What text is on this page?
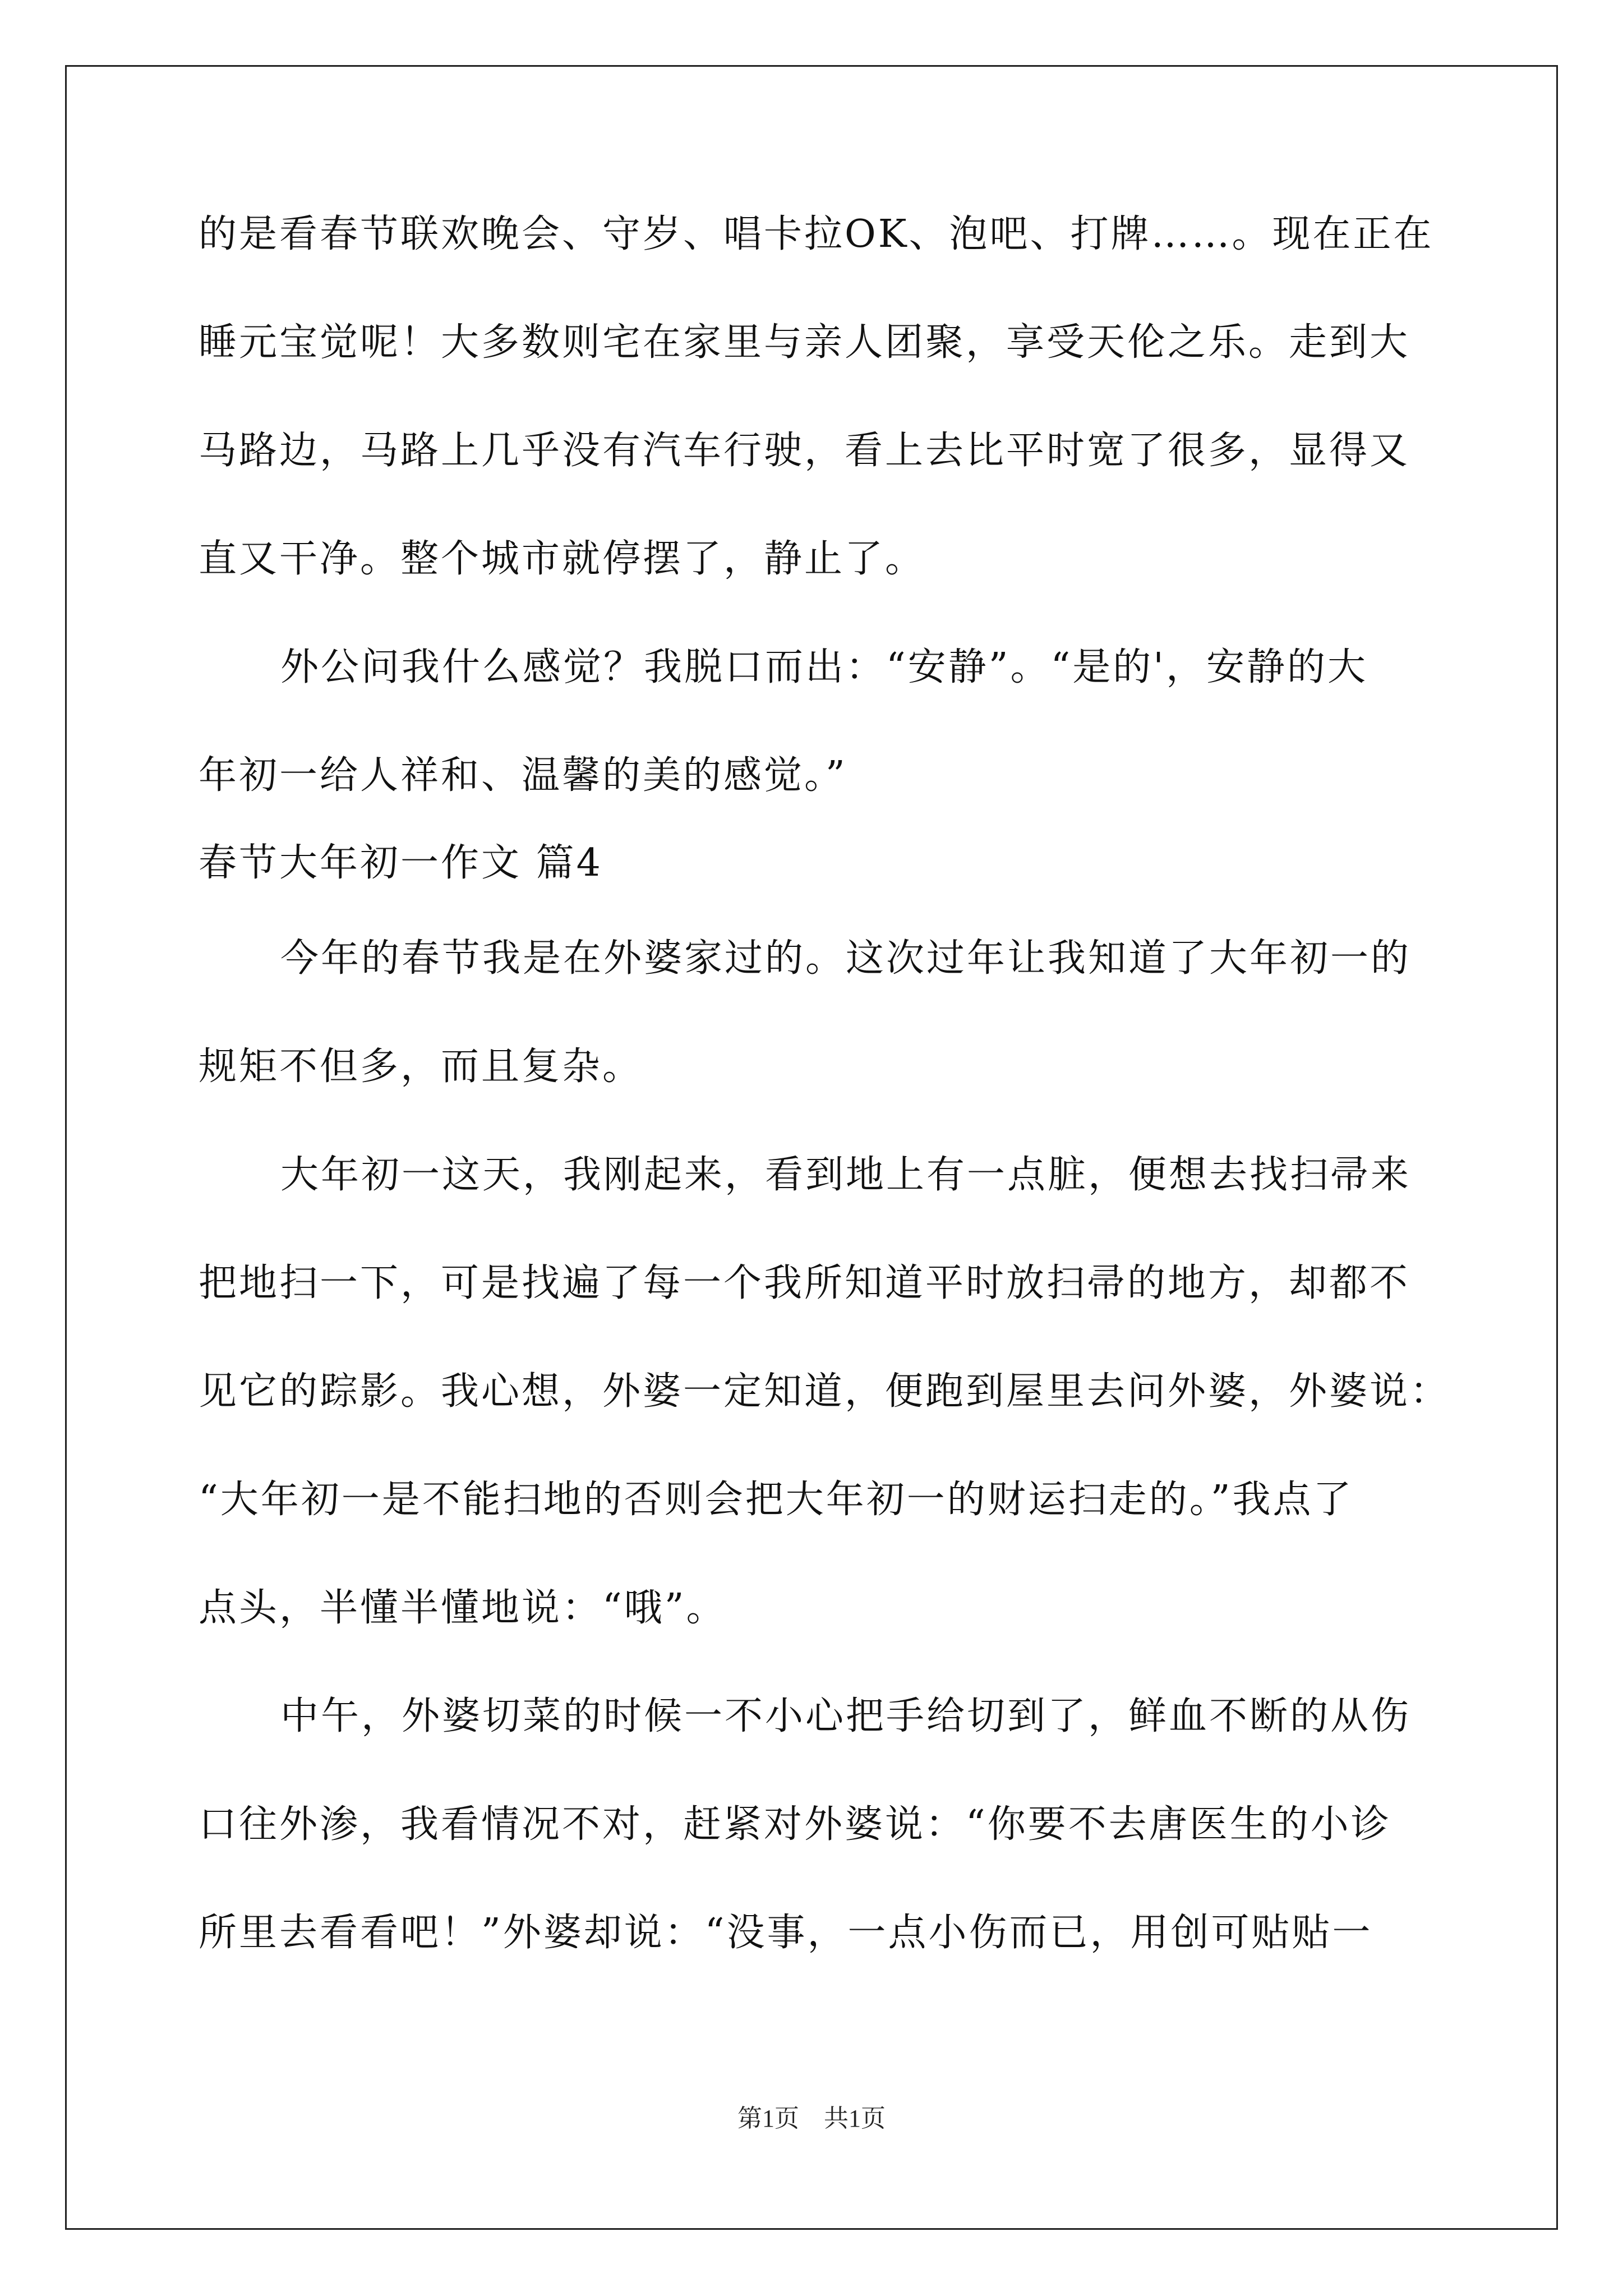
的是看春节联欢晚会、守岁、唱卡拉OK、泡吧、打牌……。现在正在
睡元宝觉呢！大多数则宅在家里与亲人团聚，享受天伦之乐。走到大
马路边，马路上几乎没有汽车行驶，看上去比平时宽了很多，显得又
直又干净。整个城市就停摆了，静止了。
外公问我什么感觉？我脱口而出：“安静”。“是的'，安静的大
年初一给人祥和、温馨的美的感觉。”
春节大年初一作文 篇4
今年的春节我是在外婆家过的。这次过年让我知道了大年初一的
规矩不但多，而且复杂。
大年初一这天，我刚起来，看到地上有一点脏，便想去找扫帚来
把地扫一下，可是找遍了每一个我所知道平时放扫帚的地方，却都不
见它的踪影。我心想，外婆一定知道，便跑到屋里去问外婆，外婆说：
“大年初一是不能扫地的否则会把大年初一的财运扫走的。”我点了
点头，半懂半懂地说：“哦”。
中午，外婆切菜的时候一不小心把手给切到了，鲜血不断的从伤
口往外渗，我看情况不对，赶紧对外婆说：“你要不去唐医生的小诊
所里去看看吧！”外婆却说：“没事，一点小伤而已，用创可贴贴一
第1页　共1页
